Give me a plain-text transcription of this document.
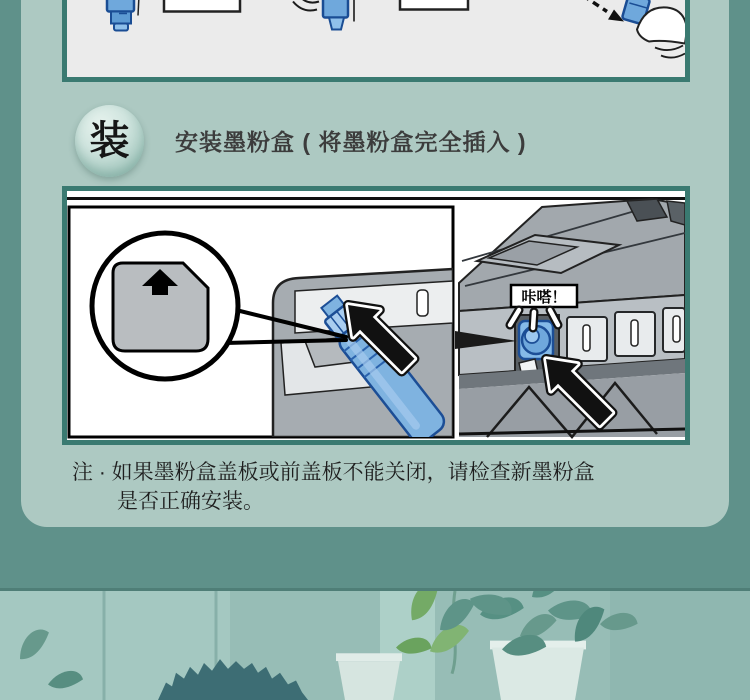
装 安装墨粉盒 ( 将墨粉盒完全插入 )
咔嗒！
注 · 如果墨粉盒盖板或前盖板不能关闭，请检查新墨粉盒
是否正确安装。
